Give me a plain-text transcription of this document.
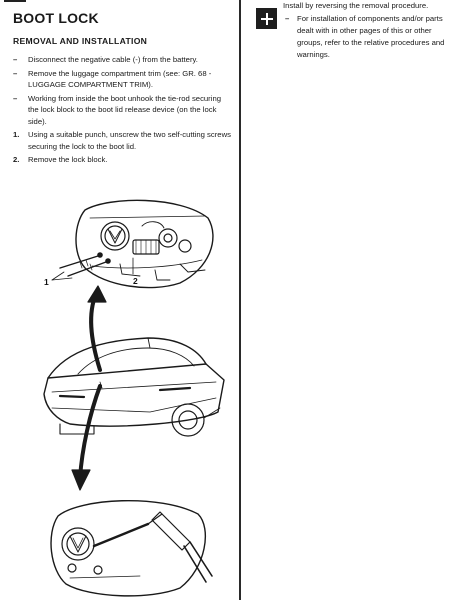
BOOT LOCK
REMOVAL AND INSTALLATION
–	Disconnect the negative cable (-) from the battery.
–	Remove the luggage compartment trim (see: GR. 68 - LUGGAGE COMPARTMENT TRIM).
–	Working from inside the boot unhook the tie-rod securing the lock block to the boot lid release device (on the lock side).
1.	Using a suitable punch, unscrew the two self-cutting screws securing the lock to the boot lid.
2.	Remove the lock block.

Install by reversing the removal procedure.

–	For installation of components and/or parts dealt with in other pages of this or other groups, refer to the relative procedures and warnings.
1	2
